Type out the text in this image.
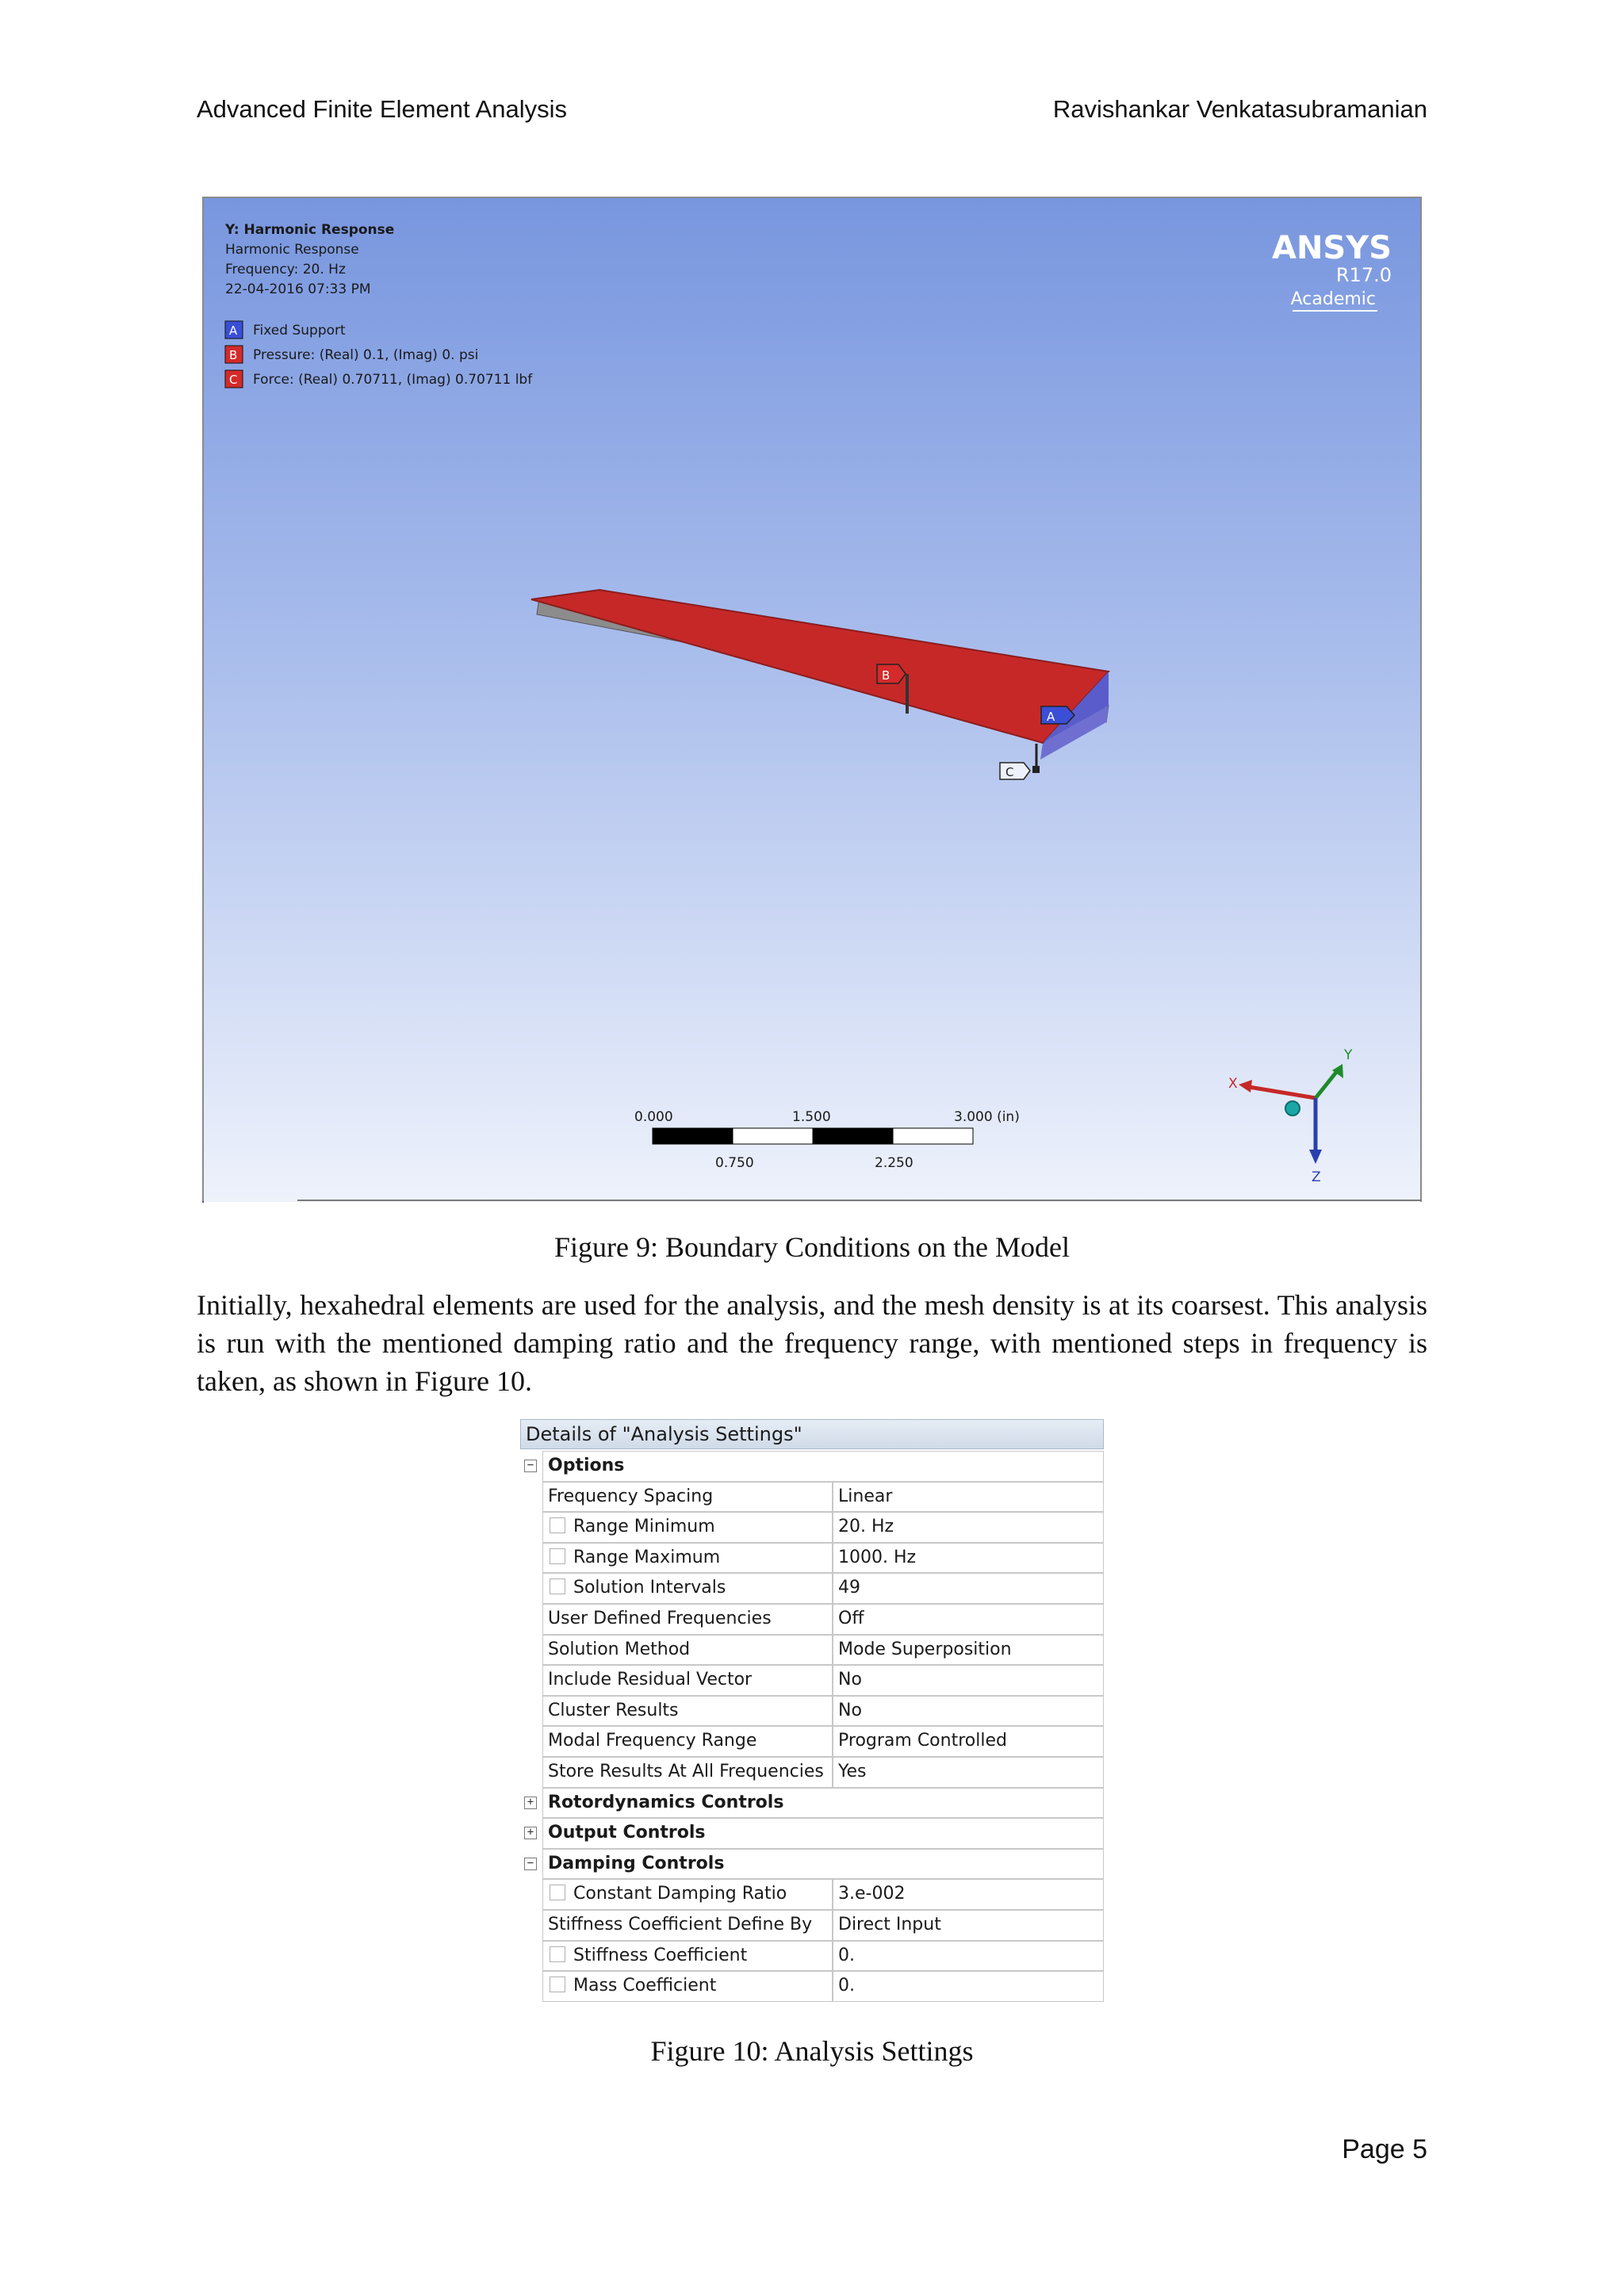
Advanced Finite Element Analysis	Ravishankar Venkatasubramanian
Y: Harmonic Response
Harmonic Response
Frequency: 20. Hz
22-04-2016 07:33 PM
A Fixed Support
B Pressure: (Real) 0.1, (Imag) 0. psi
C Force: (Real) 0.70711, (Imag) 0.70711 lbf
ANSYS
R17.0
Academic
B
A
C
0.000	1.500	3.000 (in)
0.750	2.250
X
Y
Z
Figure 9: Boundary Conditions on the Model

Initially, hexahedral elements are used for the analysis, and the mesh density is at its coarsest. This analysis is run with the mentioned damping ratio and the frequency range, with mentioned steps in frequency is taken, as shown in Figure 10.

Details of "Analysis Settings"
− Options
Frequency Spacing	Linear
Range Minimum	20. Hz
Range Maximum	1000. Hz
Solution Intervals	49
User Defined Frequencies	Off
Solution Method	Mode Superposition
Include Residual Vector	No
Cluster Results	No
Modal Frequency Range	Program Controlled
Store Results At All Frequencies Yes
+ Rotordynamics Controls
+ Output Controls
− Damping Controls
Constant Damping Ratio	3.e-002
Stiffness Coefficient Define By	Direct Input
Stiffness Coefficient	0.
Mass Coefficient	0.
Figure 10: Analysis Settings
Page 5
